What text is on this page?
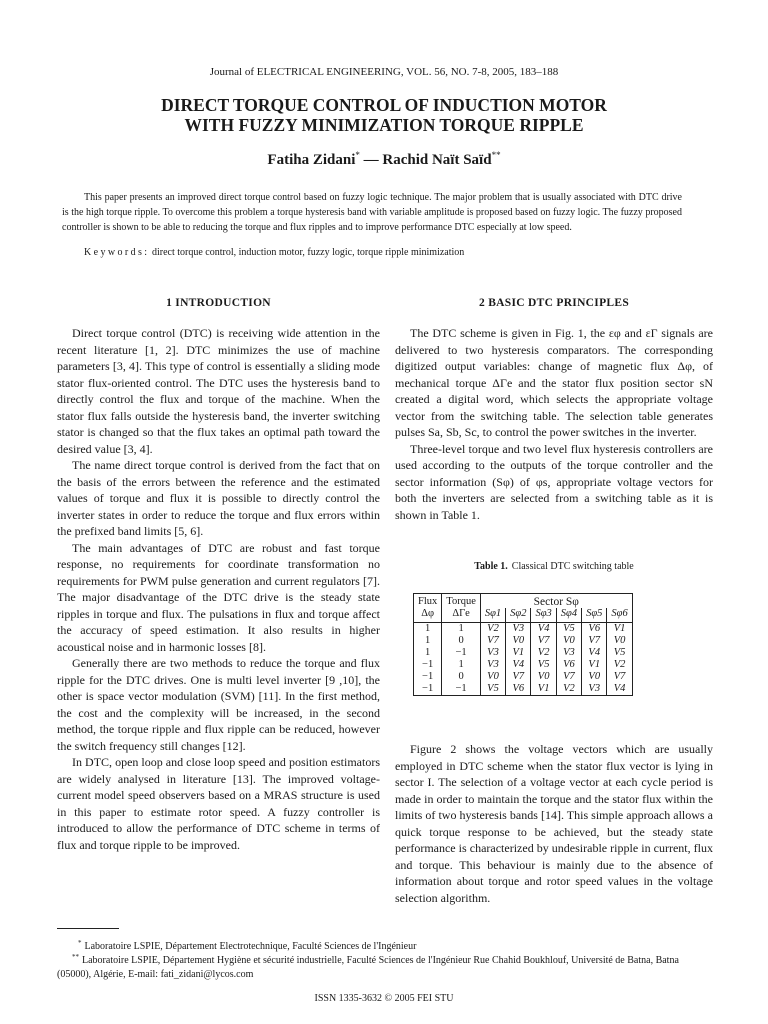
Journal of ELECTRICAL ENGINEERING, VOL. 56, NO. 7-8, 2005, 183–188
DIRECT TORQUE CONTROL OF INDUCTION MOTOR
WITH FUZZY MINIMIZATION TORQUE RIPPLE
Fatiha Zidani* — Rachid Naït Saïd**
This paper presents an improved direct torque control based on fuzzy logic technique. The major problem that is usually associated with DTC drive is the high torque ripple. To overcome this problem a torque hysteresis band with variable amplitude is proposed based on fuzzy logic. The fuzzy proposed controller is shown to be able to reducing the torque and flux ripples and to improve performance DTC especially at low speed.
Keywords: direct torque control, induction motor, fuzzy logic, torque ripple minimization
1 INTRODUCTION	2 BASIC DTC PRINCIPLES

Direct torque control (DTC) is receiving wide attention in the recent literature [1, 2]. DTC minimizes the use of machine parameters [3, 4]. This type of control is essentially a sliding mode stator flux-oriented control. The DTC uses the hysteresis band to directly control the flux and torque of the machine. When the stator flux falls outside the hysteresis band, the inverter switching stator is changed so that the flux takes an optimal path toward the desired value [3, 4].

The name direct torque control is derived from the fact that on the basis of the errors between the reference and the estimated values of torque and flux it is possible to directly control the inverter states in order to reduce the torque and flux errors within the prefixed band limits [5, 6].

The main advantages of DTC are robust and fast torque response, no requirements for coordinate transformation no requirements for PWM pulse generation and current regulators [7]. The major disadvantage of the DTC drive is the steady state ripples in torque and flux. The pulsations in flux and torque affect the accuracy of speed estimation. It also results in higher acoustical noise and in harmonic losses [8].

Generally there are two methods to reduce the torque and flux ripple for the DTC drives. One is multi level inverter [9 ,10], the other is space vector modulation (SVM) [11]. In the first method, the cost and the complexity will be increased, in the second method, the torque ripple and flux ripple can be reduced, however the switch frequency still changes [12].

In DTC, open loop and close loop speed and position estimators are widely analysed in literature [13]. The improved voltage-current model speed observers based on a MRAS structure is used in this paper to estimate rotor speed. A fuzzy controller is introduced to allow the performance of DTC scheme in terms of flux and torque ripple to be improved.

The DTC scheme is given in Fig. 1, the εφ and εΓ signals are delivered to two hysteresis comparators. The corresponding digitized output variables: change of magnetic flux Δφ, of mechanical torque ΔΓe and the stator flux position sector sN created a digital word, which selects the appropriate voltage vector from the switching table. The selection table generates pulses Sa, Sb, Sc, to control the power switches in the inverter.

Three-level torque and two level flux hysteresis controllers are used according to the outputs of the torque controller and the sector information (Sφ) of φs, appropriate voltage vectors for both the inverters are selected from a switching table as it is shown in Table 1.

Table 1. Classical DTC switching table
Flux	Torque	Sector Sφ					
Δφ	ΔΓe	Sφ1	Sφ2	Sφ3	Sφ4	Sφ5	Sφ6
1	1	V2	V3	V4	V5	V6	V1
1	0	V7	V0	V7	V0	V7	V0
1	−1	V3	V1	V2	V3	V4	V5
−1	1	V3	V4	V5	V6	V1	V2
−1	0	V0	V7	V0	V7	V0	V7
−1	−1	V5	V6	V1	V2	V3	V4

Figure 2 shows the voltage vectors which are usually employed in DTC scheme when the stator flux vector is lying in sector I. The selection of a voltage vector at each cycle period is made in order to maintain the torque and the stator flux within the limits of two hysteresis bands [14]. This simple approach allows a quick torque response to be achieved, but the steady state performance is characterized by undesirable ripple in current, flux and torque. This behaviour is mainly due to the absence of information about torque and rotor speed values in the voltage selection algorithm.

* Laboratoire LSPIE, Département Electrotechnique, Faculté Sciences de l'Ingénieur
** Laboratoire LSPIE, Département Hygiène et sécurité industrielle, Faculté Sciences de l'Ingénieur Rue Chahid Boukhlouf, Université de Batna, Batna (05000), Algérie, E-mail: fati_zidani@lycos.com
ISSN 1335-3632 © 2005 FEI STU
